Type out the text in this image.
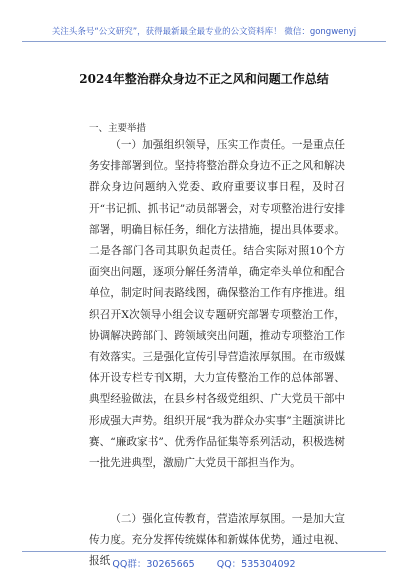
关注头条号“公文研究”，获得最新最全最专业的公文资料库！ 微信：gongwenyj
2024年整治群众身边不正之风和问题工作总结
一、主要举措
（一）加强组织领导，压实工作责任。一是重点任务安排部署到位。坚持将整治群众身边不正之风和解决群众身边问题纳入党委、政府重要议事日程，及时召开“书记抓、抓书记”动员部署会，对专项整治进行安排部署，明确目标任务，细化方法措施，提出具体要求。二是各部门各司其职负起责任。结合实际对照10个方面突出问题，逐项分解任务清单，确定牵头单位和配合单位，制定时间表路线图，确保整治工作有序推进。组织召开X次领导小组会议专题研究部署专项整治工作，协调解决跨部门、跨领域突出问题，推动专项整治工作有效落实。三是强化宣传引导营造浓厚氛围。在市级媒体开设专栏专刊X期，大力宣传整治工作的总体部署、典型经验做法，在县乡村各级党组织、广大党员干部中形成强大声势。组织开展“我为群众办实事”主题演讲比赛、“廉政家书”、优秀作品征集等系列活动，积极选树一批先进典型，激励广大党员干部担当作为。
（二）强化宣传教育，营造浓厚氛围。一是加大宣传力度。充分发挥传统媒体和新媒体优势，通过电视、报纸 QQ群：30265665 QQ：535304092
